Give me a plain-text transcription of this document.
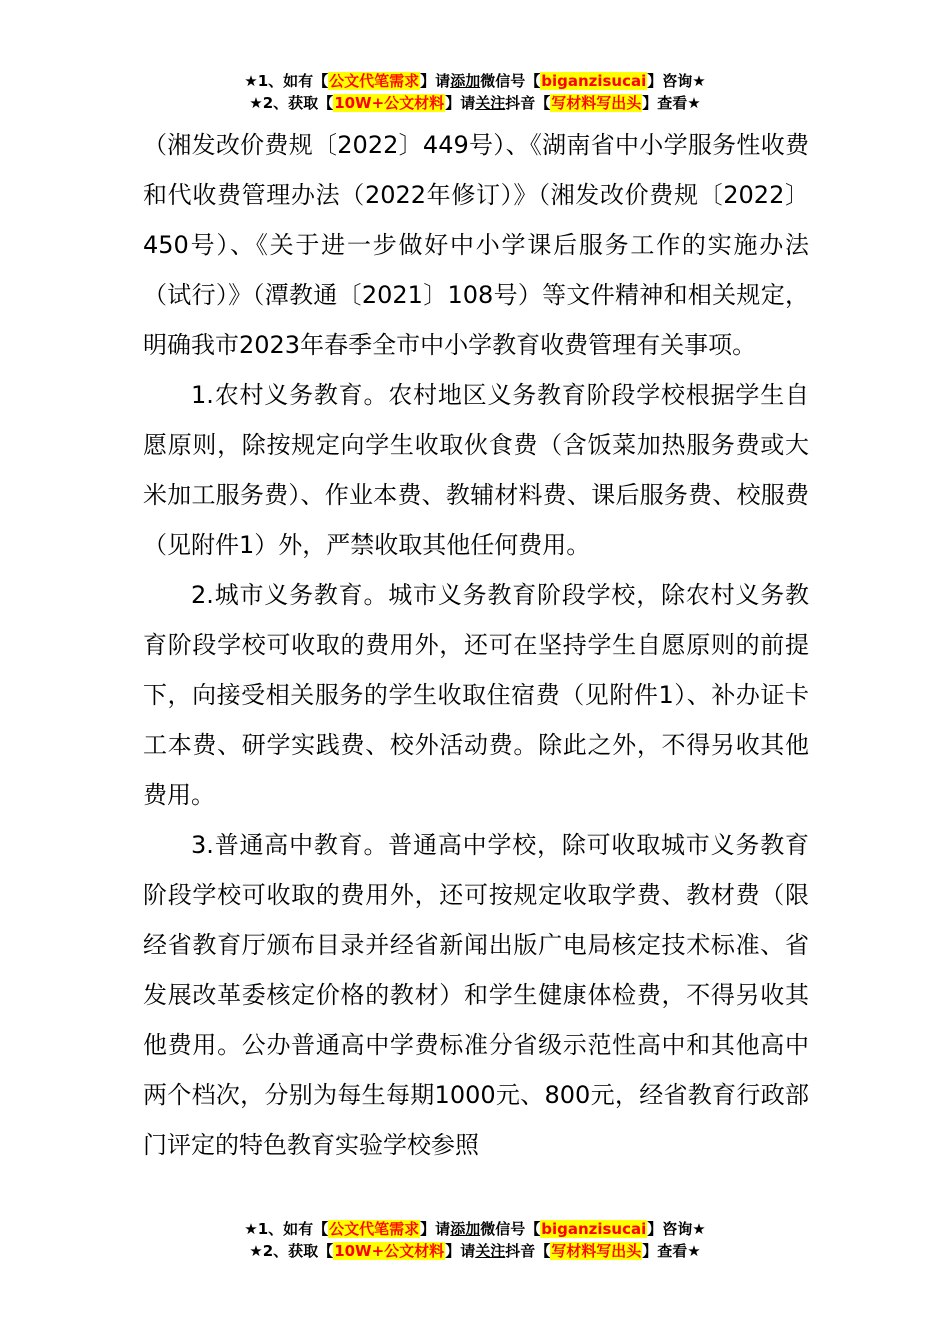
★1、如有【公文代笔需求】请添加微信号【biganzisucai】咨询★
★2、获取【10W+公文材料】请关注抖音【写材料写出头】查看★

（湘发改价费规〔2022〕449号）、《湖南省中小学服务性收费和代收费管理办法（2022年修订）》（湘发改价费规〔2022〕450号）、《关于进一步做好中小学课后服务工作的实施办法（试行）》（潭教通〔2021〕108号）等文件精神和相关规定，明确我市2023年春季全市中小学教育收费管理有关事项。

1.农村义务教育。农村地区义务教育阶段学校根据学生自愿原则，除按规定向学生收取伙食费（含饭菜加热服务费或大米加工服务费）、作业本费、教辅材料费、课后服务费、校服费（见附件1）外，严禁收取其他任何费用。

2.城市义务教育。城市义务教育阶段学校，除农村义务教育阶段学校可收取的费用外，还可在坚持学生自愿原则的前提下，向接受相关服务的学生收取住宿费（见附件1）、补办证卡工本费、研学实践费、校外活动费。除此之外，不得另收其他费用。

3.普通高中教育。普通高中学校，除可收取城市义务教育阶段学校可收取的费用外，还可按规定收取学费、教材费（限经省教育厅颁布目录并经省新闻出版广电局核定技术标准、省发展改革委核定价格的教材）和学生健康体检费，不得另收其他费用。公办普通高中学费标准分省级示范性高中和其他高中两个档次，分别为每生每期1000元、800元，经省教育行政部门评定的特色教育实验学校参照

★1、如有【公文代笔需求】请添加微信号【biganzisucai】咨询★
★2、获取【10W+公文材料】请关注抖音【写材料写出头】查看★
